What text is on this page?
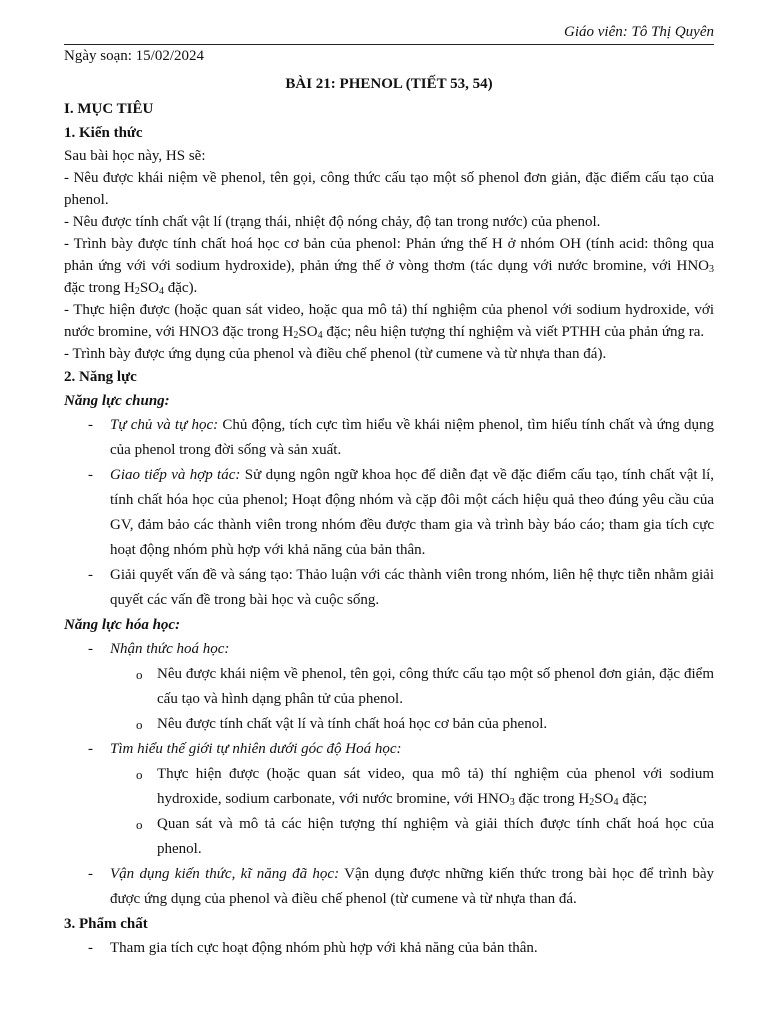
Giáo viên: Tô Thị Quyên
Ngày soạn: 15/02/2024
BÀI 21: PHENOL (TIẾT 53, 54)
I. MỤC TIÊU
1. Kiến thức

Sau bài học này, HS sẽ:

- Nêu được khái niệm về phenol, tên gọi, công thức cấu tạo một số phenol đơn giản, đặc điểm cấu tạo của phenol.

- Nêu được tính chất vật lí (trạng thái, nhiệt độ nóng chảy, độ tan trong nước) của phenol.

- Trình bày được tính chất hoá học cơ bản của phenol: Phản ứng thế H ở nhóm OH (tính acid: thông qua phản ứng với với sodium hydroxide), phản ứng thế ở vòng thơm (tác dụng với nước bromine, với $HNO_3$ đặc trong $H_2SO_4$ đặc).

- Thực hiện được (hoặc quan sát video, hoặc qua mô tả) thí nghiệm của phenol với sodium hydroxide, với nước bromine, với HNO3 đặc trong $H_2SO_4$ đặc; nêu hiện tượng thí nghiệm và viết PTHH của phản ứng ra.

- Trình bày được ứng dụng của phenol và điều chế phenol (từ cumene và từ nhựa than đá).

2. Năng lực
Năng lực chung:
- Tự chủ và tự học: Chủ động, tích cực tìm hiểu về khái niệm phenol, tìm hiểu tính chất và ứng dụng của phenol trong đời sống và sản xuất.
- Giao tiếp và hợp tác: Sử dụng ngôn ngữ khoa học để diễn đạt về đặc điểm cấu tạo, tính chất vật lí, tính chất hóa học của phenol; Hoạt động nhóm và cặp đôi một cách hiệu quả theo đúng yêu cầu của GV, đảm bảo các thành viên trong nhóm đều được tham gia và trình bày báo cáo; tham gia tích cực hoạt động nhóm phù hợp với khả năng của bản thân.
- Giải quyết vấn đề và sáng tạo: Thảo luận với các thành viên trong nhóm, liên hệ thực tiễn nhằm giải quyết các vấn đề trong bài học và cuộc sống.
Năng lực hóa học:
- Nhận thức hoá học:
o Nêu được khái niệm về phenol, tên gọi, công thức cấu tạo một số phenol đơn giản, đặc điểm cấu tạo và hình dạng phân tử của phenol.
o Nêu được tính chất vật lí và tính chất hoá học cơ bản của phenol.
- Tìm hiểu thế giới tự nhiên dưới góc độ Hoá học:
o Thực hiện được (hoặc quan sát video, qua mô tả) thí nghiệm của phenol với sodium hydroxide, sodium carbonate, với nước bromine, với $HNO_3$ đặc trong $H_2SO_4$ đặc;
o Quan sát và mô tả các hiện tượng thí nghiệm và giải thích được tính chất hoá học của phenol.
- Vận dụng kiến thức, kĩ năng đã học: Vận dụng được những kiến thức trong bài học để trình bày được ứng dụng của phenol và điều chế phenol (từ cumene và từ nhựa than đá.
3. Phẩm chất
- Tham gia tích cực hoạt động nhóm phù hợp với khả năng của bản thân.
